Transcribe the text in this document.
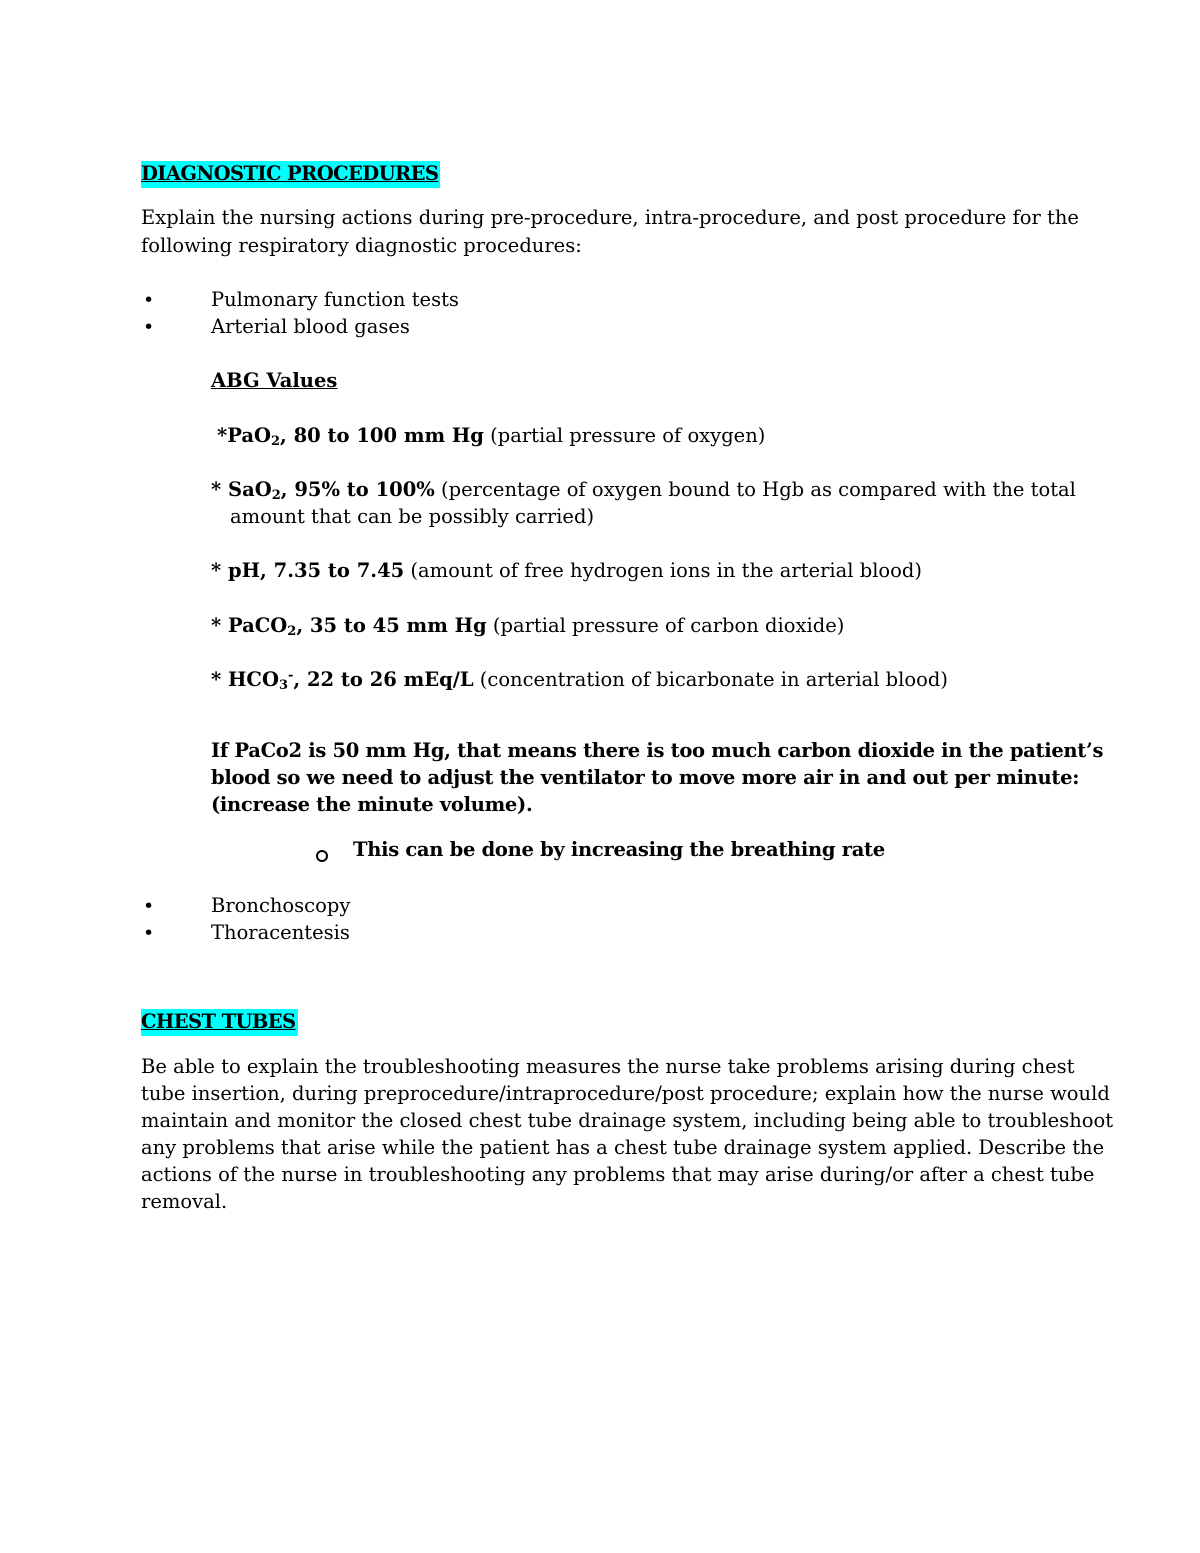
DIAGNOSTIC PROCEDURES
Explain the nursing actions during pre-procedure, intra-procedure, and post procedure for the
following respiratory diagnostic procedures:
•	Pulmonary function tests
•	Arterial blood gases
ABG Values
*PaO$_2$, 80 to 100 mm Hg (partial pressure of oxygen)
* SaO$_2$, 95% to 100% (percentage of oxygen bound to Hgb as compared with the total
amount that can be possibly carried)
* pH, 7.35 to 7.45 (amount of free hydrogen ions in the arterial blood)
* PaCO$_2$, 35 to 45 mm Hg (partial pressure of carbon dioxide)
* $HCO_3^-$, 22 to 26 mEq/L (concentration of bicarbonate in arterial blood)
If PaCo2 is 50 mm Hg, that means there is too much carbon dioxide in the patient’s
blood so we need to adjust the ventilator to move more air in and out per minute:
(increase the minute volume).
This can be done by increasing the breathing rate
•	Bronchoscopy
•	Thoracentesis
CHEST TUBES
Be able to explain the troubleshooting measures the nurse take problems arising during chest
tube insertion, during preprocedure/intraprocedure/post procedure; explain how the nurse would
maintain and monitor the closed chest tube drainage system, including being able to troubleshoot
any problems that arise while the patient has a chest tube drainage system applied. Describe the
actions of the nurse in troubleshooting any problems that may arise during/or after a chest tube
removal.
